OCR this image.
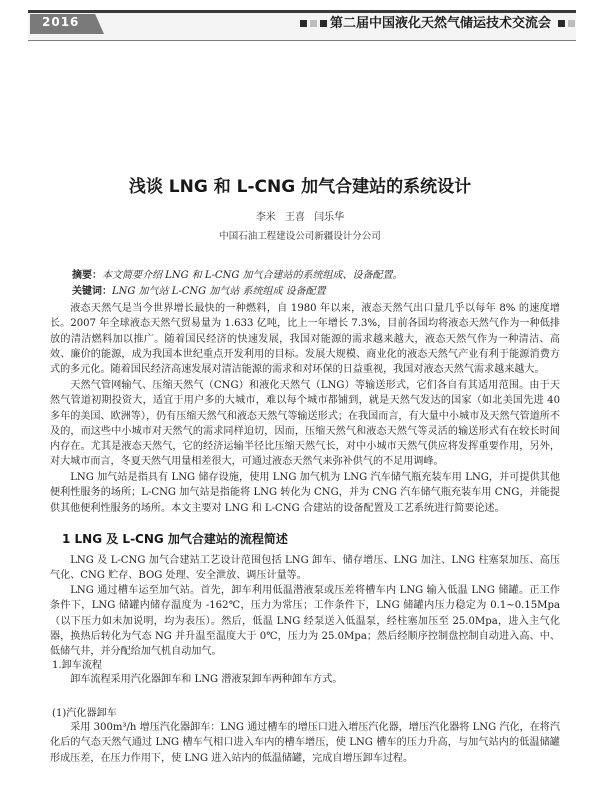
2016	第二届中国液化天然气储运技术交流会
浅谈 LNG 和 L-CNG 加气合建站的系统设计
李米 王喜 闫乐华
中国石油工程建设公司新疆设计分公司
摘要：本文简要介绍 LNG 和 L-CNG 加气合建站的系统组成、设备配置。
关键词：LNG 加气站 L-CNG 加气站 系统组成 设备配置

液态天然气是当今世界增长最快的一种燃料，自 1980 年以来，液态天然气出口量几乎以每年 8% 的速度增长。2007 年全球液态天然气贸易量为 1.633 亿吨，比上一年增长 7.3%，目前各国均将液态天然气作为一种低排放的清洁燃料加以推广。随着国民经济的快速发展，我国对能源的需求越来越大，液态天然气作为一种清洁、高效、廉价的能源，成为我国本世纪重点开发利用的目标。发展大规模、商业化的液态天然气产业有利于能源消费方式的多元化。随着国民经济高速发展对清洁能源的需求和对环保的日益重视，我国对液态天然气需求越来越大。

天然气管网输气、压缩天然气（CNG）和液化天然气（LNG）等输送形式，它们各自有其适用范围。由于天然气管道初期投资大，适宜于用户多的大城市，难以每个城市都铺到，就是天然气发达的国家（如北美国先进 40 多年的美国、欧洲等），仍有压缩天然气和液态天然气等输送形式；在我国而言，有大量中小城市及天然气管道所不及的，而这些中小城市对天然气的需求同样迫切，因而，压缩天然气和液态天然气等灵活的输送形式有在较长时间内存在。尤其是液态天然气，它的经济运输半径比压缩天然气长，对中小城市天然气供应将发挥重要作用，另外，对大城市而言，冬夏天然气用量相差很大，可通过液态天然气来弥补供气的不足用调峰。

LNG 加气站是指具有 LNG 储存设施，使用 LNG 加气机为 LNG 汽车储气瓶充装车用 LNG，并可提供其他便利性服务的场所；L-CNG 加气站是指能将 LNG 转化为 CNG，并为 CNG 汽车储气瓶充装车用 CNG，并能提供其他便利性服务的场所。本文主要对 LNG 和 L-CNG 合建站的设备配置及工艺系统进行简要论述。

1 LNG 及 L-CNG 加气合建站的流程简述

LNG 及 L-CNG 加气合建站工艺设计范围包括 LNG 卸车、储存增压、LNG 加注、LNG 柱塞泵加压、高压气化、CNG 贮存、BOG 处理、安全泄放、调压计量等。

LNG 通过槽车运至加气站。首先，卸车利用低温潜液泵或压差将槽车内 LNG 输入低温 LNG 储罐。正工作条件下，LNG 储罐内储存温度为 -162℃，压力为常压；工作条件下，LNG 储罐内压力稳定为 0.1~0.15Mpa（以下压力如未加说明，均为表压）。然后，低温 LNG 经泵送入低温泵，经柱塞加压至 25.0Mpa，进入主气化器，换热后转化为气态 NG 并升温至温度大于 0℃，压力为 25.0Mpa；然后经顺序控制盘控制自动进入高、中、低储气井，并分配给加气机自动加气。

1.卸车流程

卸车流程采用汽化器卸车和 LNG 潜液泵卸车两种卸车方式。

(1)汽化器卸车

采用 300m³/h 增压汽化器卸车：LNG 通过槽车的增压口进入增压汽化器，增压汽化器将 LNG 汽化，在将汽化后的气态天然气通过 LNG 槽车气相口进入车内的槽车增压，使 LNG 槽车的压力升高，与加气站内的低温储罐形成压差，在压力作用下，使 LNG 进入站内的低温储罐，完成自增压卸车过程。
